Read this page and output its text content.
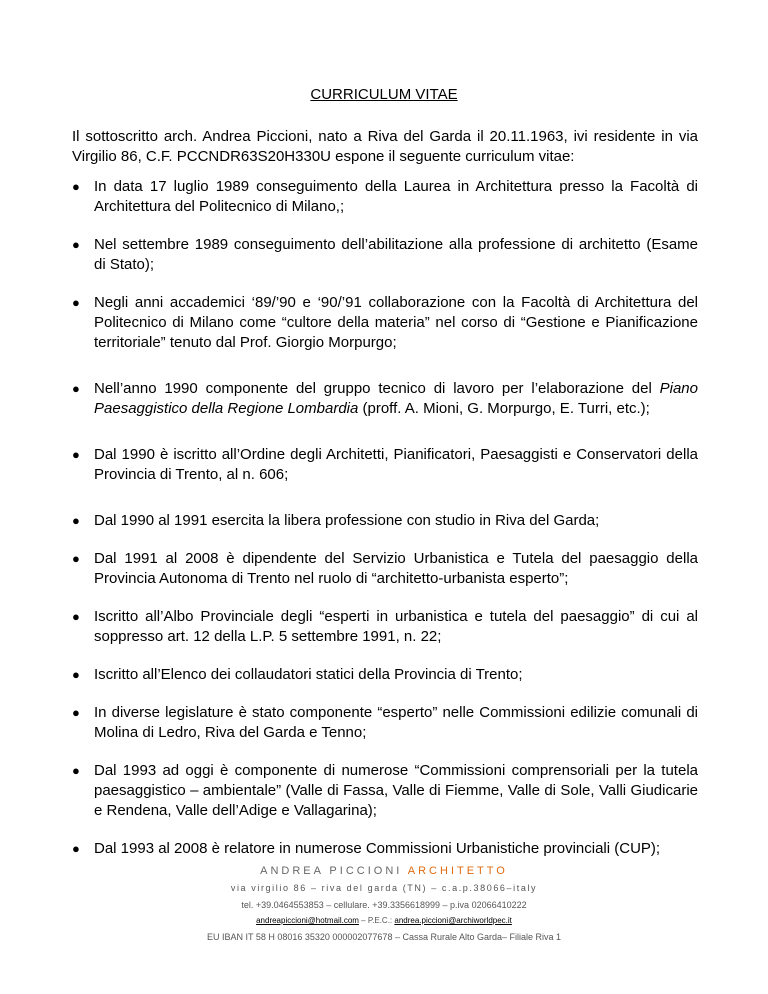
CURRICULUM VITAE
Il sottoscritto arch. Andrea Piccioni, nato a Riva del Garda il 20.11.1963, ivi residente in via Virgilio 86, C.F. PCCNDR63S20H330U espone il seguente curriculum vitae:
● In data 17 luglio 1989 conseguimento della Laurea in Architettura presso la Facoltà di Architettura del Politecnico di Milano,;
● Nel settembre 1989 conseguimento dell’abilitazione alla professione di architetto (Esame di Stato);
● Negli anni accademici ‘89/’90 e ‘90/’91 collaborazione con la Facoltà di Architettura del Politecnico di Milano come “cultore della materia” nel corso di “Gestione e Pianificazione territoriale” tenuto dal Prof. Giorgio Morpurgo;
● Nell’anno 1990 componente del gruppo tecnico di lavoro per l’elaborazione del Piano Paesaggistico della Regione Lombardia (proff. A. Mioni, G. Morpurgo, E. Turri, etc.);
● Dal 1990 è iscritto all’Ordine degli Architetti, Pianificatori, Paesaggisti e Conservatori della Provincia di Trento, al n. 606;
● Dal 1990 al 1991 esercita la libera professione con studio in Riva del Garda;
● Dal 1991 al 2008 è dipendente del Servizio Urbanistica e Tutela del paesaggio della Provincia Autonoma di Trento nel ruolo di “architetto-urbanista esperto”;
● Iscritto all’Albo Provinciale degli “esperti in urbanistica e tutela del paesaggio” di cui al soppresso art. 12 della L.P. 5 settembre 1991, n. 22;
● Iscritto all’Elenco dei collaudatori statici della Provincia di Trento;
● In diverse legislature è stato componente “esperto” nelle Commissioni edilizie comunali di Molina di Ledro, Riva del Garda e Tenno;
● Dal 1993 ad oggi è componente di numerose “Commissioni comprensoriali per la tutela paesaggistico – ambientale” (Valle di Fassa, Valle di Fiemme, Valle di Sole, Valli Giudicarie e Rendena, Valle dell’Adige e Vallagarina);
● Dal 1993 al 2008 è relatore in numerose Commissioni Urbanistiche provinciali (CUP);
ANDREA PICCIONI ARCHITETTO
via virgilio 86 – riva del garda (TN) – c.a.p.38066–italy
tel. +39.0464553853 – cellulare. +39.3356618999 – p.iva 02066410222
andreapiccioni@hotmail.com – P.E.C.: andrea.piccioni@archiworldpec.it
EU IBAN IT 58 H 08016 35320 000002077678 – Cassa Rurale Alto Garda– Filiale Riva 1
